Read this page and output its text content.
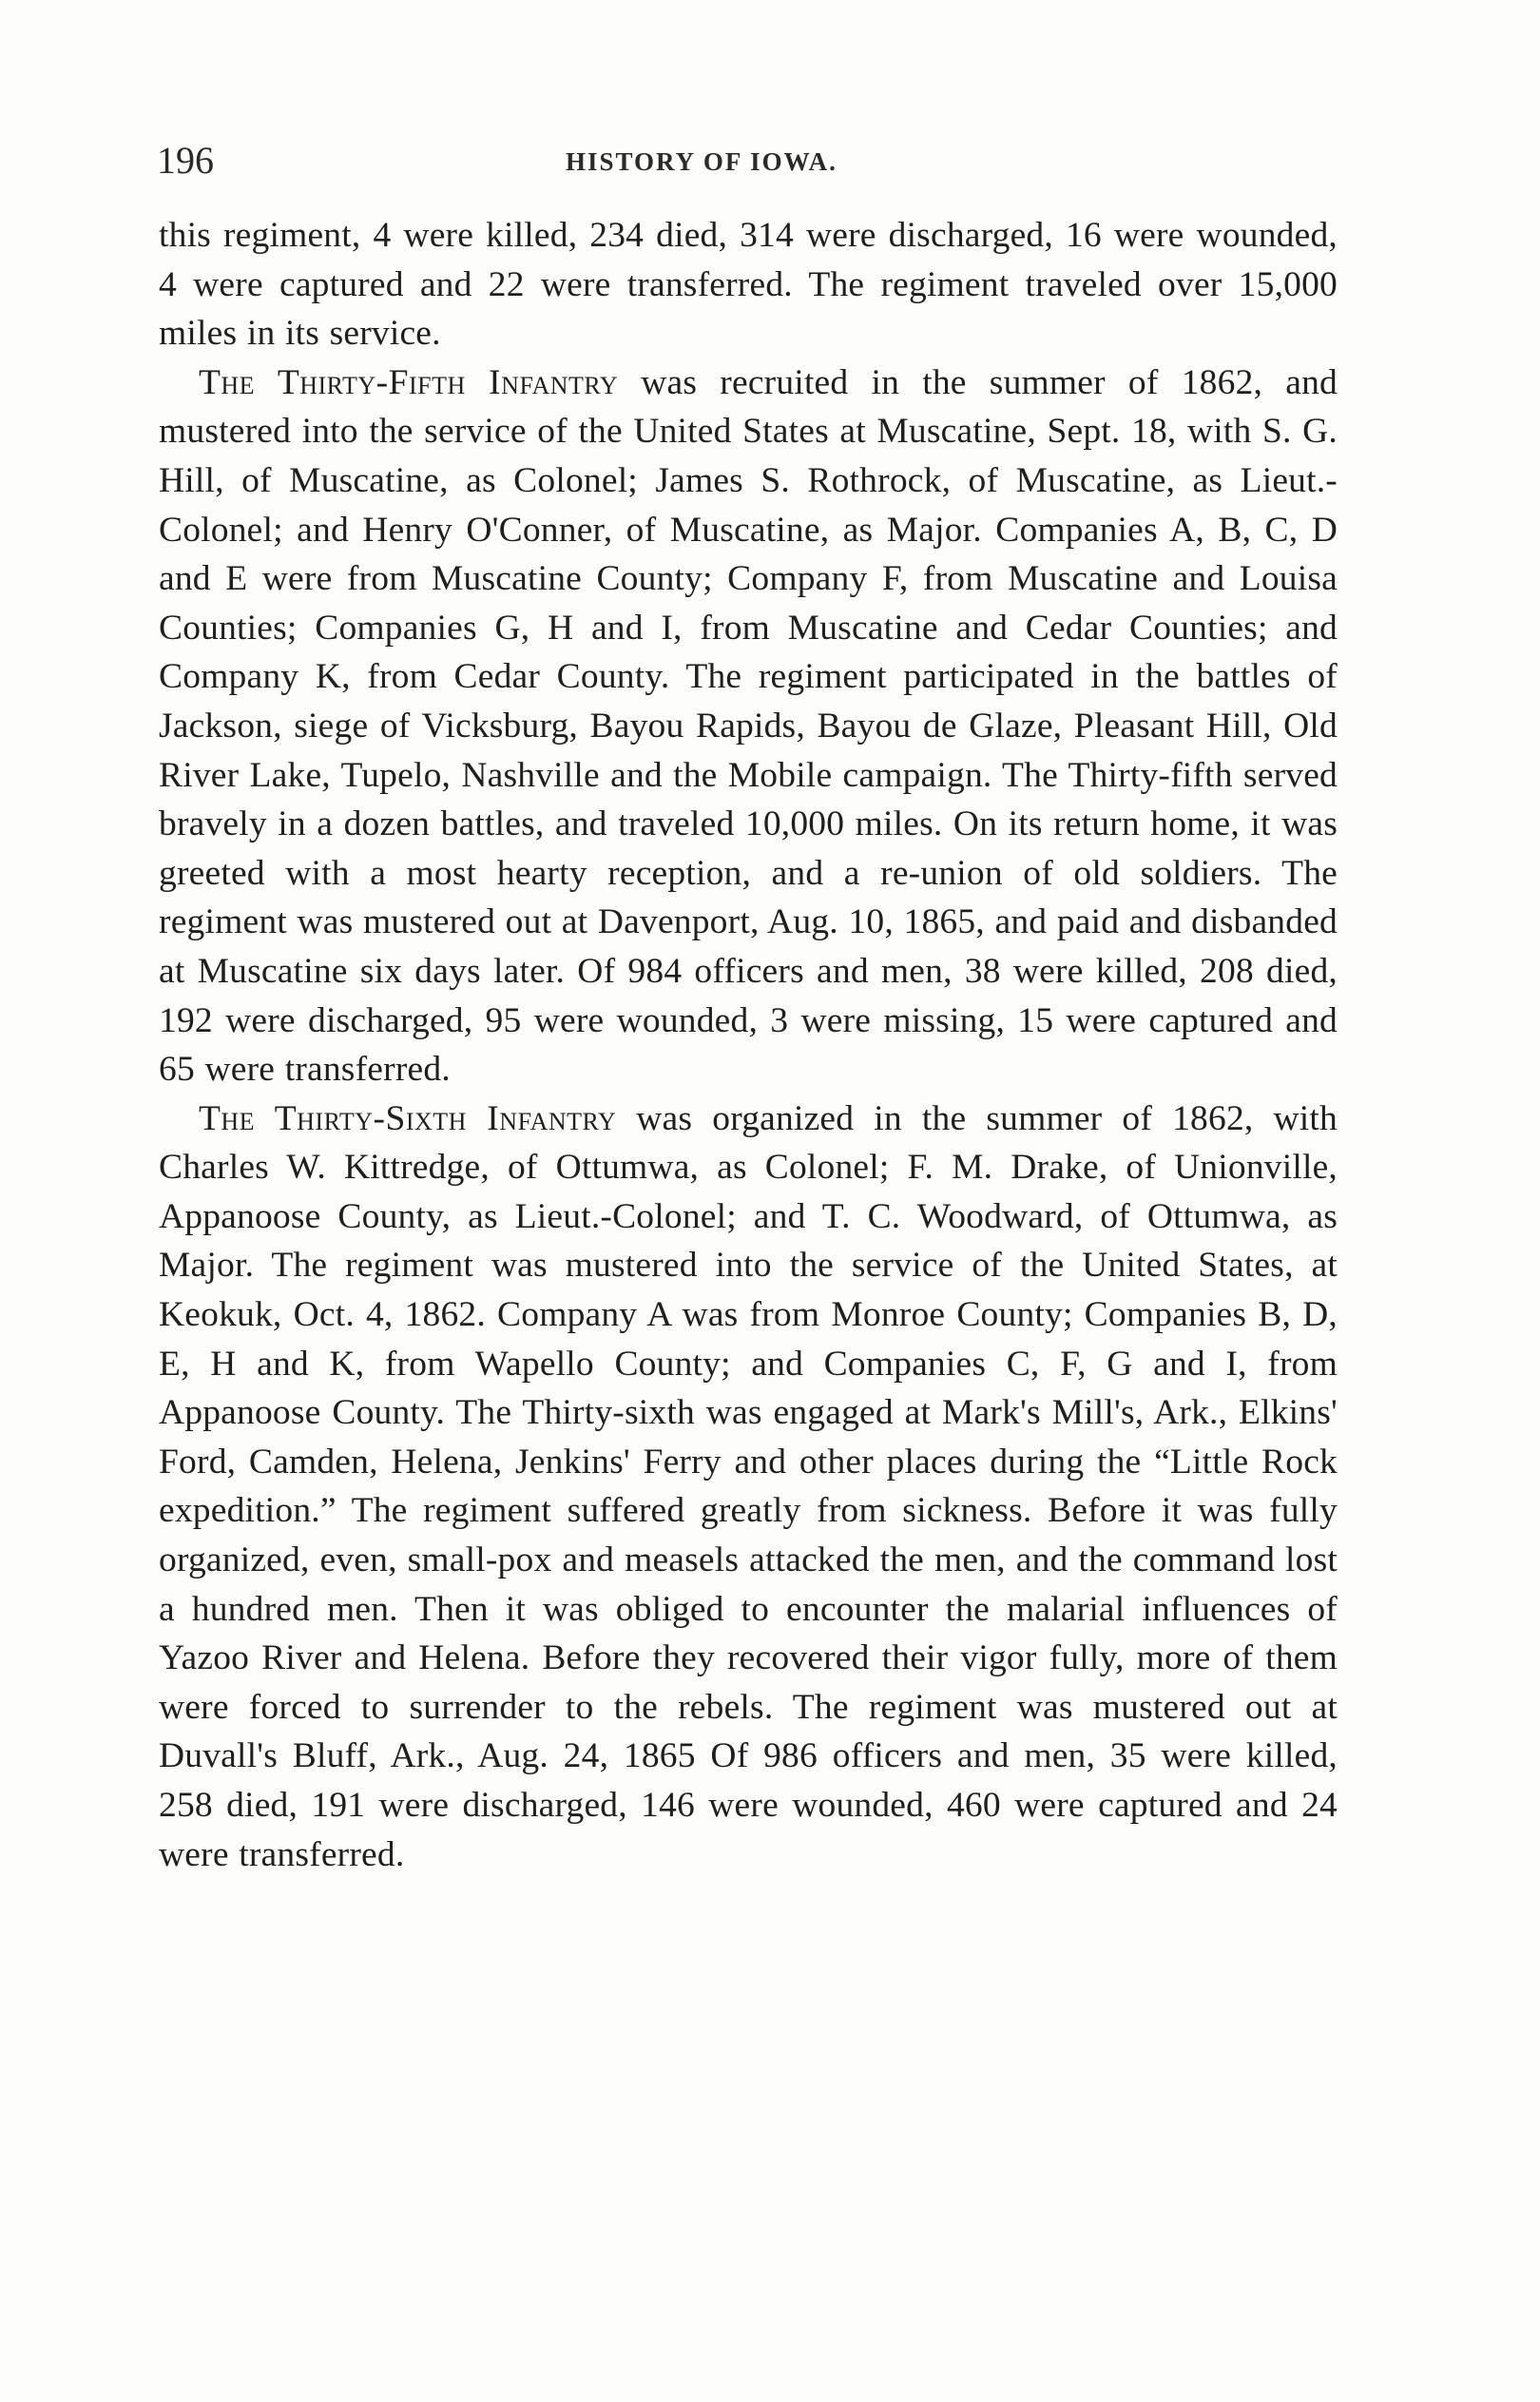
196	HISTORY OF IOWA.

this regiment, 4 were killed, 234 died, 314 were discharged, 16 were wounded, 4 were captured and 22 were transferred. The regiment traveled over 15,000 miles in its service.

The Thirty-Fifth Infantry was recruited in the summer of 1862, and mustered into the service of the United States at Muscatine, Sept. 18, with S. G. Hill, of Muscatine, as Colonel; James S. Rothrock, of Muscatine, as Lieut.-Colonel; and Henry O'Conner, of Muscatine, as Major. Companies A, B, C, D and E were from Muscatine County; Company F, from Muscatine and Louisa Counties; Companies G, H and I, from Muscatine and Cedar Counties; and Company K, from Cedar County. The regiment participated in the battles of Jackson, siege of Vicksburg, Bayou Rapids, Bayou de Glaze, Pleasant Hill, Old River Lake, Tupelo, Nashville and the Mobile campaign. The Thirty-fifth served bravely in a dozen battles, and traveled 10,000 miles. On its return home, it was greeted with a most hearty reception, and a re-union of old soldiers. The regiment was mustered out at Davenport, Aug. 10, 1865, and paid and disbanded at Muscatine six days later. Of 984 officers and men, 38 were killed, 208 died, 192 were discharged, 95 were wounded, 3 were missing, 15 were captured and 65 were transferred.

The Thirty-Sixth Infantry was organized in the summer of 1862, with Charles W. Kittredge, of Ottumwa, as Colonel; F. M. Drake, of Unionville, Appanoose County, as Lieut.-Colonel; and T. C. Woodward, of Ottumwa, as Major. The regiment was mustered into the service of the United States, at Keokuk, Oct. 4, 1862. Company A was from Monroe County; Companies B, D, E, H and K, from Wapello County; and Companies C, F, G and I, from Appanoose County. The Thirty-sixth was engaged at Mark's Mill's, Ark., Elkins' Ford, Camden, Helena, Jenkins' Ferry and other places during the “Little Rock expedition.” The regiment suffered greatly from sickness. Before it was fully organized, even, small-pox and measels attacked the men, and the command lost a hundred men. Then it was obliged to encounter the malarial influences of Yazoo River and Helena. Before they recovered their vigor fully, more of them were forced to surrender to the rebels. The regiment was mustered out at Duvall's Bluff, Ark., Aug. 24, 1865 Of 986 officers and men, 35 were killed, 258 died, 191 were discharged, 146 were wounded, 460 were captured and 24 were transferred.
